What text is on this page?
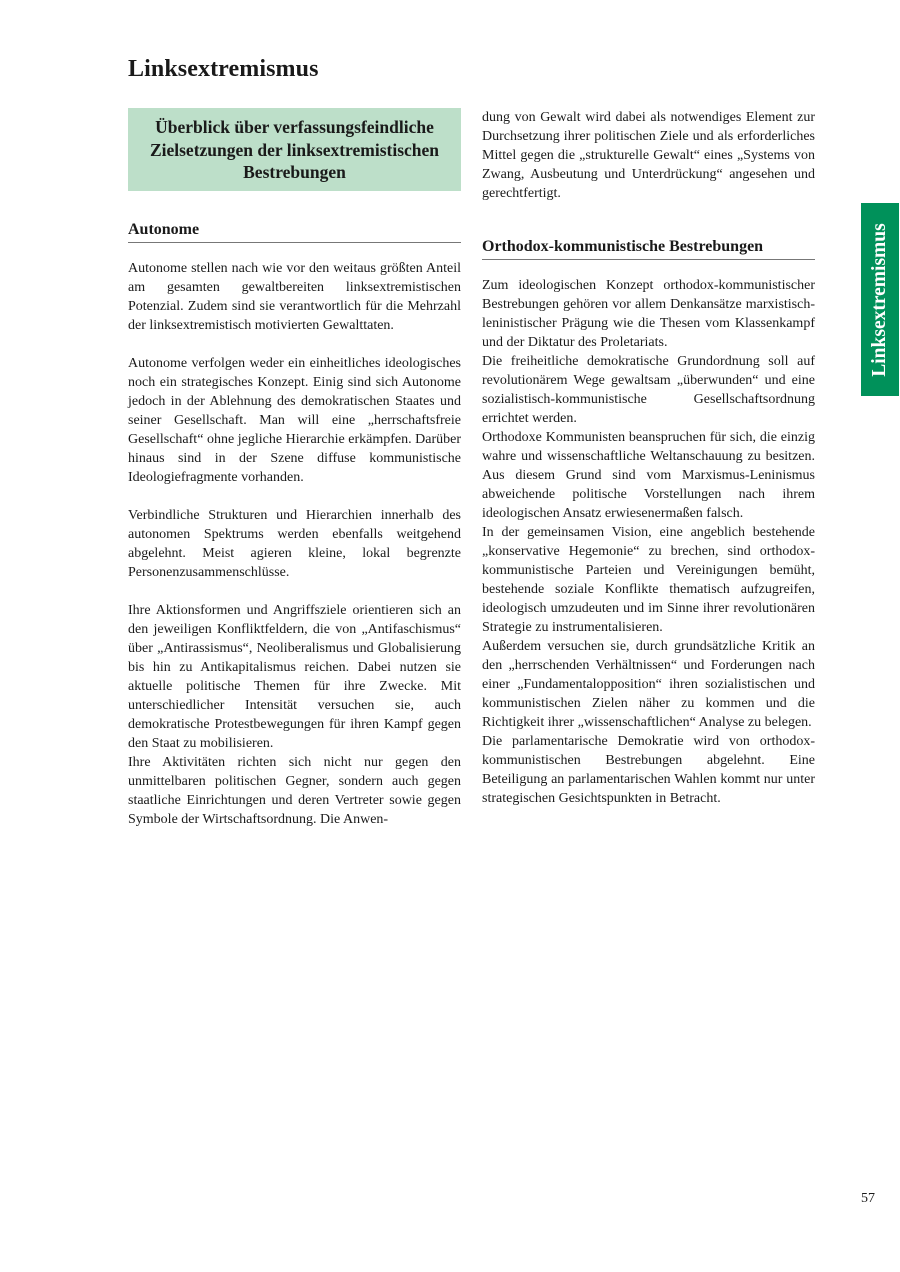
Linksextremismus
Überblick über verfassungsfeindliche Zielsetzungen der linksextremistischen Bestrebungen
Autonome

Autonome stellen nach wie vor den weitaus größten Anteil am gesamten gewaltbereiten linksextremistischen Potenzial. Zudem sind sie verantwortlich für die Mehrzahl der linksextremistisch motivierten Gewalttaten.

Autonome verfolgen weder ein einheitliches ideologisches noch ein strategisches Konzept. Einig sind sich Autonome jedoch in der Ablehnung des demokratischen Staates und seiner Gesellschaft. Man will eine „herrschaftsfreie Gesellschaft“ ohne jegliche Hierarchie erkämpfen. Darüber hinaus sind in der Szene diffuse kommunistische Ideologiefragmente vorhanden.

Verbindliche Strukturen und Hierarchien innerhalb des autonomen Spektrums werden ebenfalls weitgehend abgelehnt. Meist agieren kleine, lokal begrenzte Personenzusammenschlüsse.

Ihre Aktionsformen und Angriffsziele orientieren sich an den jeweiligen Konfliktfeldern, die von „Antifaschismus“ über „Antirassismus“, Neoliberalismus und Globalisierung bis hin zu Antikapitalismus reichen. Dabei nutzen sie aktuelle politische Themen für ihre Zwecke. Mit unterschiedlicher Intensität versuchen sie, auch demokratische Protestbewegungen für ihren Kampf gegen den Staat zu mobilisieren.

Ihre Aktivitäten richten sich nicht nur gegen den unmittelbaren politischen Gegner, sondern auch gegen staatliche Einrichtungen und deren Vertreter sowie gegen Symbole der Wirtschaftsordnung. Die Anwen-

dung von Gewalt wird dabei als notwendiges Element zur Durchsetzung ihrer politischen Ziele und als erforderliches Mittel gegen die „strukturelle Gewalt“ eines „Systems von Zwang, Ausbeutung und Unterdrückung“ angesehen und gerechtfertigt.

Orthodox-kommunistische Bestrebungen

Zum ideologischen Konzept orthodox-kommunistischer Bestrebungen gehören vor allem Denkansätze marxistisch-leninistischer Prägung wie die Thesen vom Klassenkampf und der Diktatur des Proletariats.

Die freiheitliche demokratische Grundordnung soll auf revolutionärem Wege gewaltsam „überwunden“ und eine sozialistisch-kommunistische Gesellschaftsordnung errichtet werden.

Orthodoxe Kommunisten beanspruchen für sich, die einzig wahre und wissenschaftliche Weltanschauung zu besitzen. Aus diesem Grund sind vom Marxismus-Leninismus abweichende politische Vorstellungen nach ihrem ideologischen Ansatz erwiesenermaßen falsch.

In der gemeinsamen Vision, eine angeblich bestehende „konservative Hegemonie“ zu brechen, sind orthodox-kommunistische Parteien und Vereinigungen bemüht, bestehende soziale Konflikte thematisch aufzugreifen, ideologisch umzudeuten und im Sinne ihrer revolutionären Strategie zu instrumentalisieren.

Außerdem versuchen sie, durch grundsätzliche Kritik an den „herrschenden Verhältnissen“ und Forderungen nach einer „Fundamentalopposition“ ihren sozialistischen und kommunistischen Zielen näher zu kommen und die Richtigkeit ihrer „wissenschaftlichen“ Analyse zu belegen.

Die parlamentarische Demokratie wird von orthodox-kommunistischen Bestrebungen abgelehnt. Eine Beteiligung an parlamentarischen Wahlen kommt nur unter strategischen Gesichtspunkten in Betracht.

Linksextremismus
57
